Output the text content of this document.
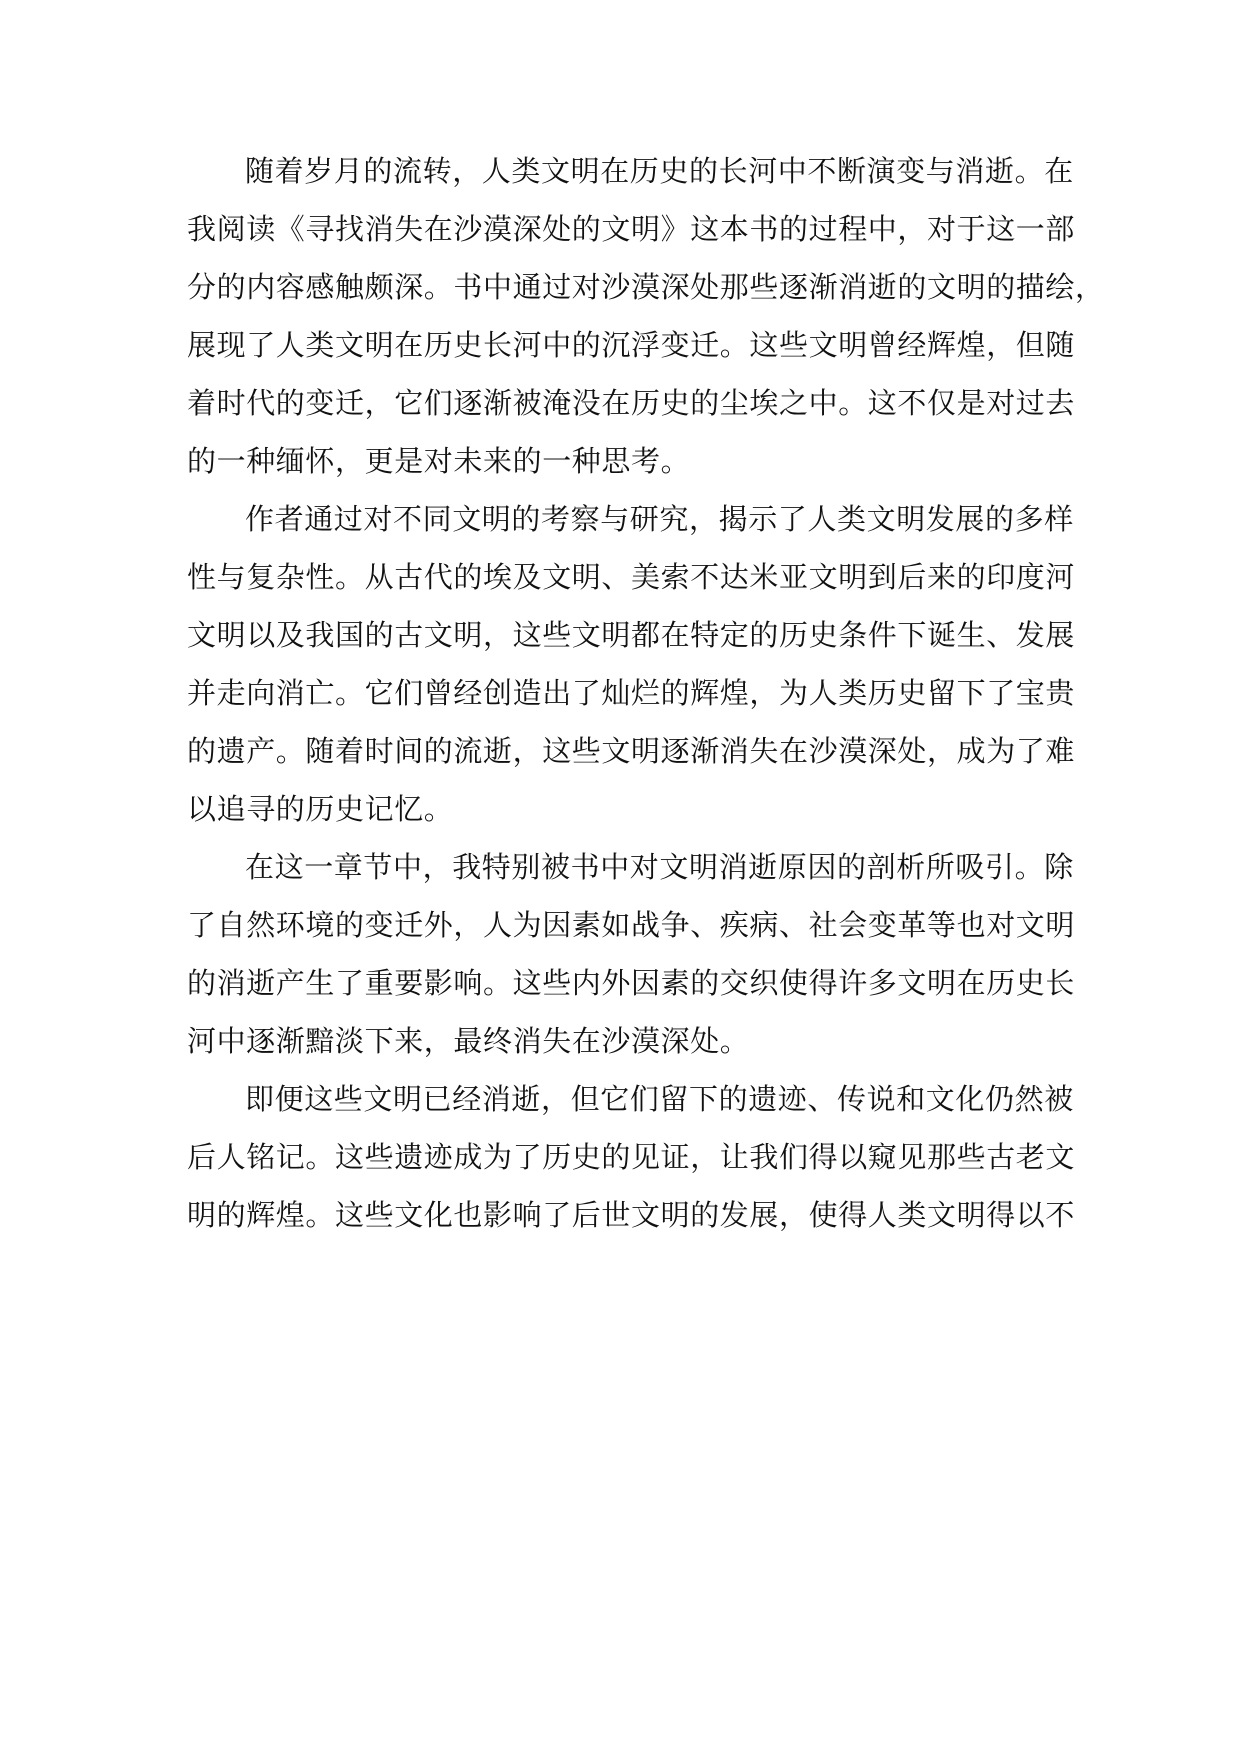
随着岁月的流转，人类文明在历史的长河中不断演变与消逝。在
我阅读《寻找消失在沙漠深处的文明》这本书的过程中，对于这一部
分的内容感触颇深。书中通过对沙漠深处那些逐渐消逝的文明的描绘，
展现了人类文明在历史长河中的沉浮变迁。这些文明曾经辉煌，但随
着时代的变迁，它们逐渐被淹没在历史的尘埃之中。这不仅是对过去
的一种缅怀，更是对未来的一种思考。
作者通过对不同文明的考察与研究，揭示了人类文明发展的多样
性与复杂性。从古代的埃及文明、美索不达米亚文明到后来的印度河
文明以及我国的古文明，这些文明都在特定的历史条件下诞生、发展
并走向消亡。它们曾经创造出了灿烂的辉煌，为人类历史留下了宝贵
的遗产。随着时间的流逝，这些文明逐渐消失在沙漠深处，成为了难
以追寻的历史记忆。
在这一章节中，我特别被书中对文明消逝原因的剖析所吸引。除
了自然环境的变迁外，人为因素如战争、疾病、社会变革等也对文明
的消逝产生了重要影响。这些内外因素的交织使得许多文明在历史长
河中逐渐黯淡下来，最终消失在沙漠深处。
即便这些文明已经消逝，但它们留下的遗迹、传说和文化仍然被
后人铭记。这些遗迹成为了历史的见证，让我们得以窥见那些古老文
明的辉煌。这些文化也影响了后世文明的发展，使得人类文明得以不
